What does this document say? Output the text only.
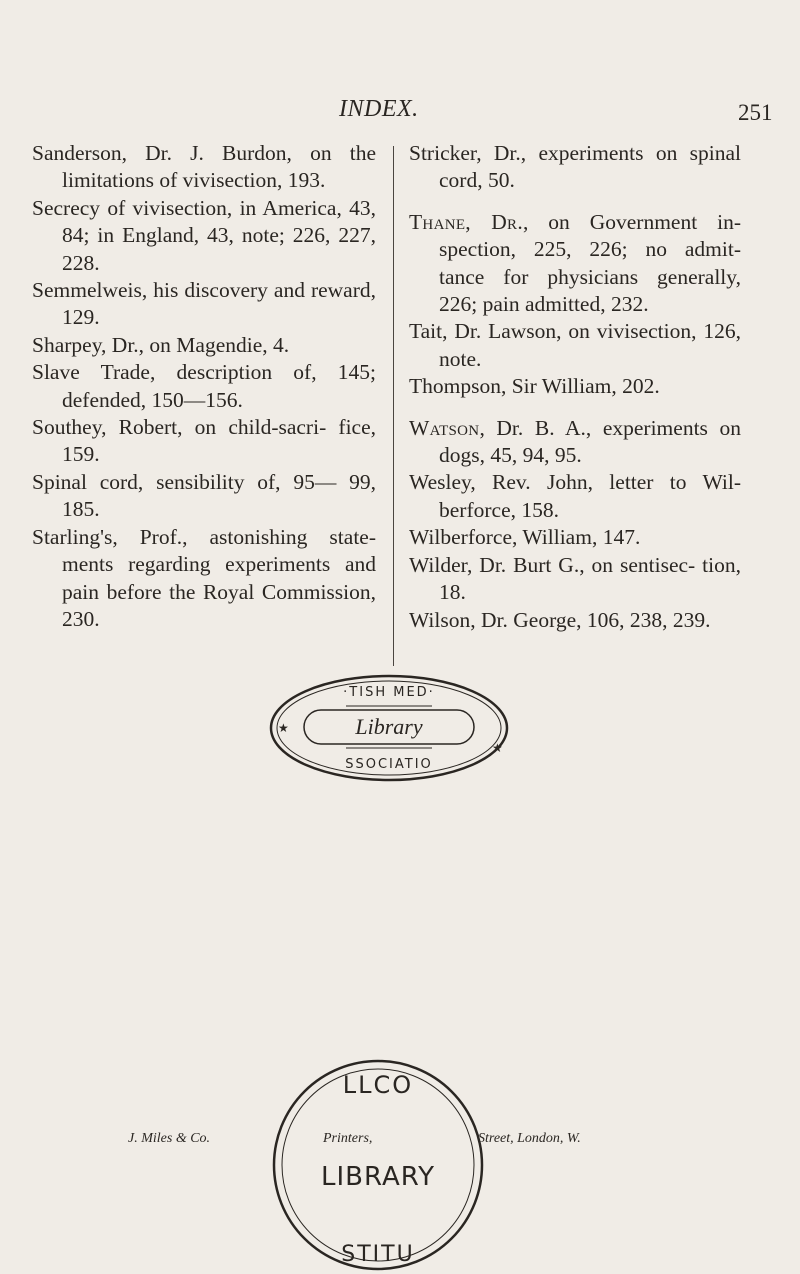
INDEX.	251

Sanderson, Dr. J. Burdon, on the limitations of vivisection, 193.

Secrecy of vivisection, in America, 43, 84; in England, 43, note; 226, 227, 228.

Semmelweis, his discovery and reward, 129.

Sharpey, Dr., on Magendie, 4.

Slave Trade, description of, 145; defended, 150—156.

Southey, Robert, on child-sacri- fice, 159.

Spinal cord, sensibility of, 95— 99, 185.

Starling's, Prof., astonishing state- ments regarding experiments and pain before the Royal Commission, 230.

Stricker, Dr., experiments on spinal cord, 50.

Thane, Dr., on Government in- spection, 225, 226; no admit- tance for physicians generally, 226; pain admitted, 232.

Tait, Dr. Lawson, on vivisection, 126, note.

Thompson, Sir William, 202.

Watson, Dr. B. A., experiments on dogs, 45, 94, 95.

Wesley, Rev. John, letter to Wil- berforce, 158.

Wilberforce, William, 147.

Wilder, Dr. Burt G., on sentisec- tion, 18.

Wilson, Dr. George, 106, 238, 239.

Library
·TISH MED·
SSOCIATIO
★
★
J. Miles & Co.	Printers,	Street, London, W.
LLCO
LIBRARY
STITU
